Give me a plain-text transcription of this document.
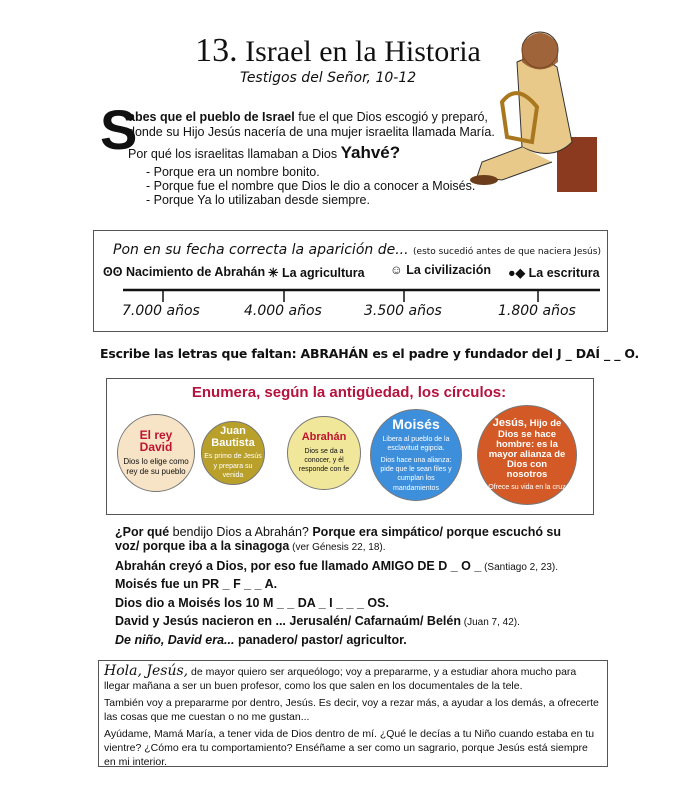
13. Israel en la Historia
Testigos del Señor, 10-12
S
abes que el pueblo de Israel fue el que Dios escogió y preparó,
donde su Hijo Jesús nacería de una mujer israelita llamada María.
Por qué los israelitas llamaban a Dios Yahvé?
- Porque era un nombre bonito.
- Porque fue el nombre que Dios le dio a conocer a Moisés.
- Porque Ya lo utilizaban desde siempre.
Pon en su fecha correcta la aparición de... (esto sucedió antes de que naciera Jesús)
ʘʘ Nacimiento de Abrahán ✳ La agricultura ☺ La civilización ●◆ La escritura
7.000 años	4.000 años	3.500 años	1.800 años
Escribe las letras que faltan: ABRAHÁN es el padre y fundador del J _ DAÍ _ _ O.
Enumera, según la antigüedad, los círculos:
El rey David
Dios lo elige como rey de su pueblo
Juan Bautista
Es primo de Jesús y prepara su venida
Abrahán
Dios se da a conocer, y él responde con fe
Moisés
Libera al pueblo de la esclavitud egipcia.
Dios hace una alianza: pide que le sean files y cumplan los mandamientos
Jesús, Hijo de Dios se hace hombre: es la mayor alianza de Dios con nosotros
Ofrece su vida en la cruz
¿Por qué bendijo Dios a Abrahán? Porque era simpático/ porque escuchó su
voz/ porque iba a la sinagoga (ver Génesis 22, 18).
Abrahán creyó a Dios, por eso fue llamado AMIGO DE D _ O _ (Santiago 2, 23).
Moisés fue un PR _ F _ _ A.
Dios dio a Moisés los 10 M _ _ DA _ I _ _ _ OS.
David y Jesús nacieron en ... Jerusalén/ Cafarnaúm/ Belén (Juan 7, 42).
De niño, David era... panadero/ pastor/ agricultor.
Hola, Jesús, de mayor quiero ser arqueólogo; voy a prepararme, y a estudiar ahora mucho para llegar mañana a ser un buen profesor, como los que salen en los documentales de la tele.
También voy a prepararme por dentro, Jesús. Es decir, voy a rezar más, a ayudar a los demás, a ofrecerte las cosas que me cuestan o no me gustan...
Ayúdame, Mamá María, a tener vida de Dios dentro de mí. ¿Qué le decías a tu Niño cuando estaba en tu vientre? ¿Cómo era tu comportamiento? Enséñame a ser como un sagrario, porque Jesús está siempre en mi interior.
